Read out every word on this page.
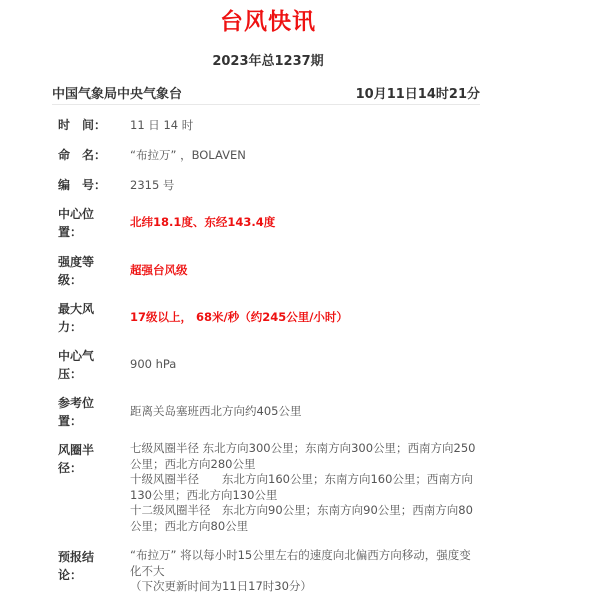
台风快讯
2023年总1237期
中国气象局中央气象台	10月11日14时21分
时　间：	11 日 14 时
命　名：	“布拉万” ，BOLAVEN
编　号：	2315 号
中心位置：
北纬18.1度、东经143.4度
强度等级：
超强台风级
最大风力：
17级以上， 68米/秒（约245公里/小时）
中心气压：
900 hPa
参考位置：
距离关岛塞班西北方向约405公里
风圈半径：
七级风圈半径 东北方向300公里；东南方向300公里；西南方向250公里；西北方向280公里
十级风圈半径　　东北方向160公里；东南方向160公里；西南方向130公里；西北方向130公里
十二级风圈半径　东北方向90公里；东南方向90公里；西南方向80公里；西北方向80公里
预报结论：
“布拉万” 将以每小时15公里左右的速度向北偏西方向移动，强度变化不大
（下次更新时间为11日17时30分）
